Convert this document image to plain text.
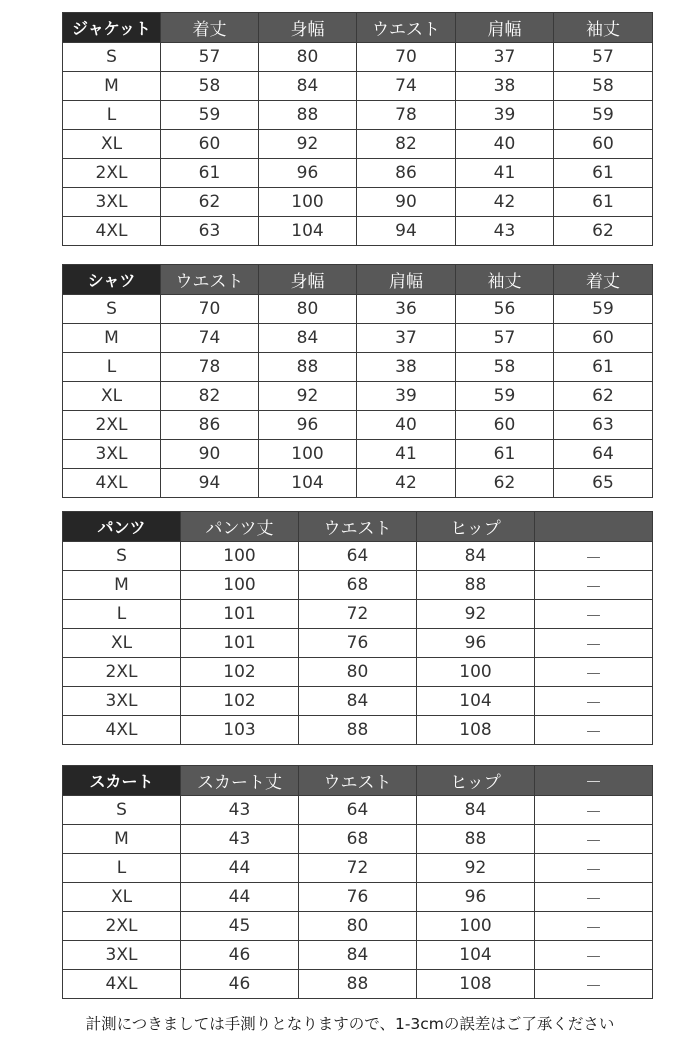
ジャケット	着丈	身幅	ウエスト	肩幅	袖丈
S	57	80	70	37	57
M	58	84	74	38	58
L	59	88	78	39	59
XL	60	92	82	40	60
2XL	61	96	86	41	61
3XL	62	100	90	42	61
4XL	63	104	94	43	62
シャツ	ウエスト	身幅	肩幅	袖丈	着丈
S	70	80	36	56	59
M	74	84	37	57	60
L	78	88	38	58	61
XL	82	92	39	59	62
2XL	86	96	40	60	63
3XL	90	100	41	61	64
4XL	94	104	42	62	65
パンツ	パンツ丈	ウエスト	ヒップ	
S	100	64	84	－
M	100	68	88	－
L	101	72	92	－
XL	101	76	96	－
2XL	102	80	100	－
3XL	102	84	104	－
4XL	103	88	108	－
スカート	スカート丈	ウエスト	ヒップ	－
S	43	64	84	－
M	43	68	88	－
L	44	72	92	－
XL	44	76	96	－
2XL	45	80	100	－
3XL	46	84	104	－
4XL	46	88	108	－
計測につきましては手測りとなりますので、1-3cmの誤差はご了承ください
